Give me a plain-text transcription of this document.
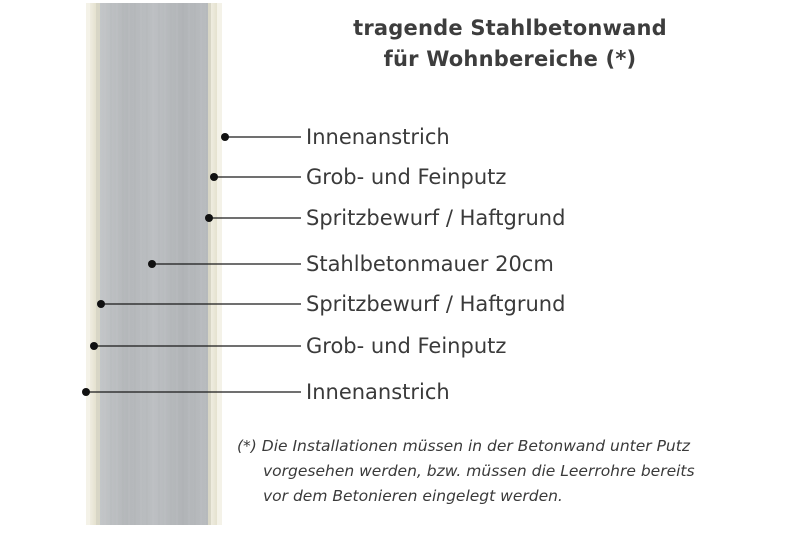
tragende Stahlbetonwand
für Wohnbereiche (*)
Innenanstrich
Grob- und Feinputz
Spritzbewurf / Haftgrund
Stahlbetonmauer 20cm
Spritzbewurf / Haftgrund
Grob- und Feinputz
Innenanstrich
(*) Die Installationen müssen in der Betonwand unter Putz
vorgesehen werden, bzw. müssen die Leerrohre bereits
vor dem Betonieren eingelegt werden.
